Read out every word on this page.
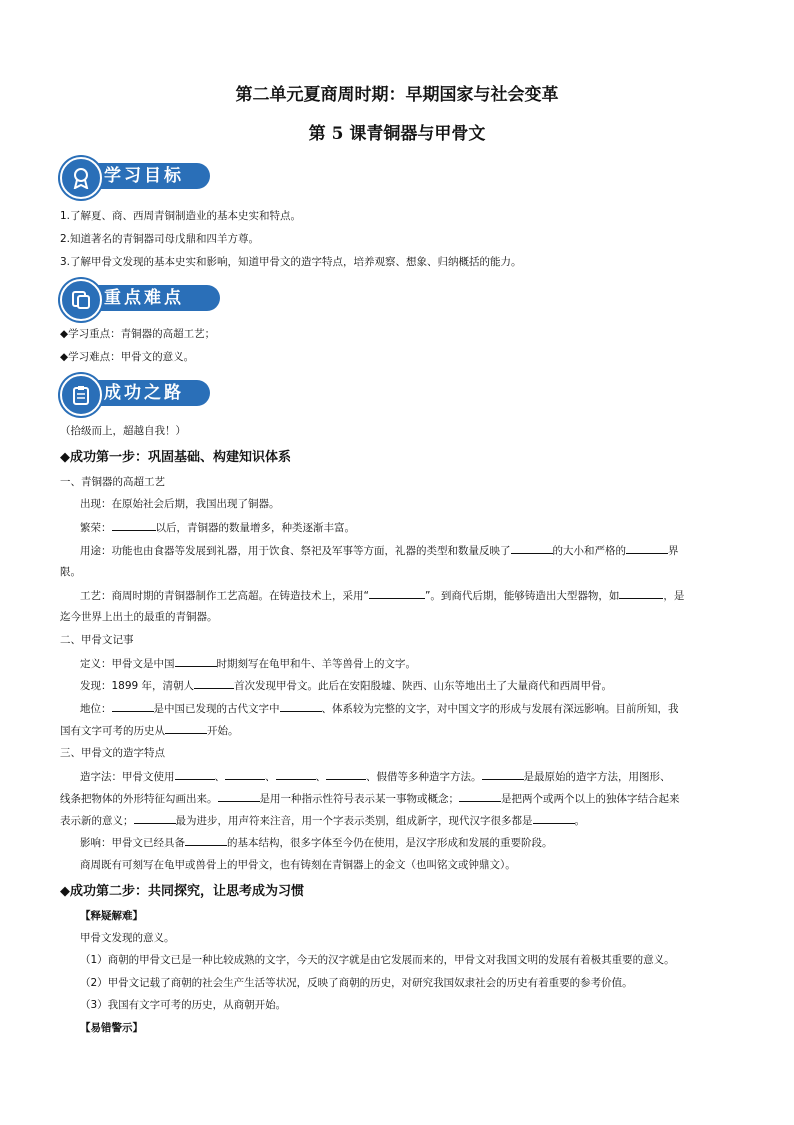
第二单元夏商周时期：早期国家与社会变革
第 5 课青铜器与甲骨文
学习目标
1.了解夏、商、西周青铜制造业的基本史实和特点。
2.知道著名的青铜器司母戊鼎和四羊方尊。
3.了解甲骨文发现的基本史实和影响，知道甲骨文的造字特点，培养观察、想象、归纳概括的能力。
重点难点
◆学习重点：青铜器的高超工艺；
◆学习难点：甲骨文的意义。
成功之路
（拾级而上，超越自我！）
◆成功第一步：巩固基础、构建知识体系
一、青铜器的高超工艺
出现：在原始社会后期，我国出现了铜器。
繁荣：	以后，青铜器的数量增多，种类逐渐丰富。
用途：功能也由食器等发展到礼器，用于饮食、祭祀及军事等方面，礼器的类型和数量反映了	的大小和严格的	界
限。
工艺：商周时期的青铜器制作工艺高超。在铸造技术上，采用“	”。到商代后期，能够铸造出大型器物，如	，是
迄今世界上出土的最重的青铜器。
二、甲骨文记事
定义：甲骨文是中国	时期刻写在龟甲和牛、羊等兽骨上的文字。
发现：1899 年，清朝人	首次发现甲骨文。此后在安阳殷墟、陕西、山东等地出土了大量商代和西周甲骨。
地位：	是中国已发现的古代文字中	、体系较为完整的文字，对中国文字的形成与发展有深远影响。目前所知，我
国有文字可考的历史从	开始。
三、甲骨文的造字特点
造字法：甲骨文使用	、	、	、	、假借等多种造字方法。	是最原始的造字方法，用图形、
线条把物体的外形特征勾画出来。	是用一种指示性符号表示某一事物或概念；	是把两个或两个以上的独体字结合起来
表示新的意义；	最为进步，用声符来注音，用一个字表示类别，组成新字，现代汉字很多都是	。
影响：甲骨文已经具备	的基本结构，很多字体至今仍在使用，是汉字形成和发展的重要阶段。
商周既有可刻写在龟甲或兽骨上的甲骨文，也有铸刻在青铜器上的金文（也叫铭文或钟鼎文）。
◆成功第二步：共同探究，让思考成为习惯
【释疑解难】
甲骨文发现的意义。
（1）商朝的甲骨文已是一种比较成熟的文字，今天的汉字就是由它发展而来的，甲骨文对我国文明的发展有着极其重要的意义。
（2）甲骨文记载了商朝的社会生产生活等状况，反映了商朝的历史，对研究我国奴隶社会的历史有着重要的参考价值。
（3）我国有文字可考的历史，从商朝开始。
【易错警示】
